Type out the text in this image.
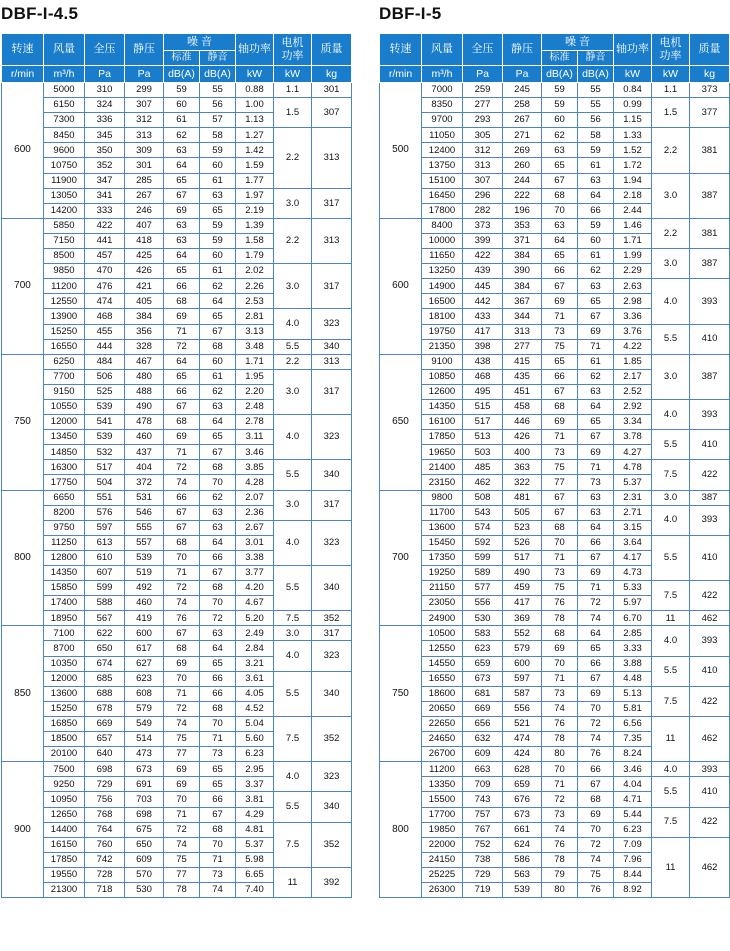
DBF-I-4.5	DBF-I-5
转速	风量	全压	静压	噪 音		轴功率	电机
功率	质量
				标准	静音			
r/min	m³/h	Pa	Pa	dB(A)	dB(A)	kW	kW	kg
600	5000	310	299	59	55	0.88	1.1	301
	6150	324	307	60	56	1.00	1.5	307
	7300	336	312	61	57	1.13		
	8450	345	313	62	58	1.27	2.2	313
	9600	350	309	63	59	1.42		
	10750	352	301	64	60	1.59		
	11900	347	285	65	61	1.77		
	13050	341	267	67	63	1.97	3.0	317
	14200	333	246	69	65	2.19		
700	5850	422	407	63	59	1.39	2.2	313
	7150	441	418	63	59	1.58		
	8500	457	425	64	60	1.79		
	9850	470	426	65	61	2.02	3.0	317
	11200	476	421	66	62	2.26		
	12550	474	405	68	64	2.53		
	13900	468	384	69	65	2.81	4.0	323
	15250	455	356	71	67	3.13		
	16550	444	328	72	68	3.48	5.5	340
750	6250	484	467	64	60	1.71	2.2	313
	7700	506	480	65	61	1.95	3.0	317
	9150	525	488	66	62	2.20		
	10550	539	490	67	63	2.48		
	12000	541	478	68	64	2.78	4.0	323
	13450	539	460	69	65	3.11		
	14850	532	437	71	67	3.46		
	16300	517	404	72	68	3.85	5.5	340
	17750	504	372	74	70	4.28		
800	6650	551	531	66	62	2.07	3.0	317
	8200	576	546	67	63	2.36		
	9750	597	555	67	63	2.67	4.0	323
	11250	613	557	68	64	3.01		
	12800	610	539	70	66	3.38		
	14350	607	519	71	67	3.77	5.5	340
	15850	599	492	72	68	4.20		
	17400	588	460	74	70	4.67		
	18950	567	419	76	72	5.20	7.5	352
850	7100	622	600	67	63	2.49	3.0	317
	8700	650	617	68	64	2.84	4.0	323
	10350	674	627	69	65	3.21		
	12000	685	623	70	66	3.61	5.5	340
	13600	688	608	71	66	4.05		
	15250	678	579	72	68	4.52		
	16850	669	549	74	70	5.04	7.5	352
	18500	657	514	75	71	5.60		
	20100	640	473	77	73	6.23		
900	7500	698	673	69	65	2.95	4.0	323
	9250	729	691	69	65	3.37		
	10950	756	703	70	66	3.81	5.5	340
	12650	768	698	71	67	4.29		
	14400	764	675	72	68	4.81	7.5	352
	16150	760	650	74	70	5.37		
	17850	742	609	75	71	5.98		
	19550	728	570	77	73	6.65	11	392
	21300	718	530	78	74	7.40		
转速	风量	全压	静压	噪 音		轴功率	电机
功率	质量
				标准	静音			
r/min	m³/h	Pa	Pa	dB(A)	dB(A)	kW	kW	kg
500	7000	259	245	59	55	0.84	1.1	373
	8350	277	258	59	55	0.99	1.5	377
	9700	293	267	60	56	1.15		
	11050	305	271	62	58	1.33	2.2	381
	12400	312	269	63	59	1.52		
	13750	313	260	65	61	1.72		
	15100	307	244	67	63	1.94	3.0	387
	16450	296	222	68	64	2.18		
	17800	282	196	70	66	2.44		
600	8400	373	353	63	59	1.46	2.2	381
	10000	399	371	64	60	1.71		
	11650	422	384	65	61	1.99	3.0	387
	13250	439	390	66	62	2.29		
	14900	445	384	67	63	2.63	4.0	393
	16500	442	367	69	65	2.98		
	18100	433	344	71	67	3.36		
	19750	417	313	73	69	3.76	5.5	410
	21350	398	277	75	71	4.22		
650	9100	438	415	65	61	1.85	3.0	387
	10850	468	435	66	62	2.17		
	12600	495	451	67	63	2.52		
	14350	515	458	68	64	2.92	4.0	393
	16100	517	446	69	65	3.34		
	17850	513	426	71	67	3.78	5.5	410
	19650	503	400	73	69	4.27		
	21400	485	363	75	71	4.78	7.5	422
	23150	462	322	77	73	5.37		
700	9800	508	481	67	63	2.31	3.0	387
	11700	543	505	67	63	2.71	4.0	393
	13600	574	523	68	64	3.15		
	15450	592	526	70	66	3.64	5.5	410
	17350	599	517	71	67	4.17		
	19250	589	490	73	69	4.73		
	21150	577	459	75	71	5.33	7.5	422
	23050	556	417	76	72	5.97		
	24900	530	369	78	74	6.70	11	462
750	10500	583	552	68	64	2.85	4.0	393
	12550	623	579	69	65	3.33		
	14550	659	600	70	66	3.88	5.5	410
	16550	673	597	71	67	4.48		
	18600	681	587	73	69	5.13	7.5	422
	20650	669	556	74	70	5.81		
	22650	656	521	76	72	6.56	11	462
	24650	632	474	78	74	7.35		
	26700	609	424	80	76	8.24		
800	11200	663	628	70	66	3.46	4.0	393
	13350	709	659	71	67	4.04	5.5	410
	15500	743	676	72	68	4.71		
	17700	757	673	73	69	5.44	7.5	422
	19850	767	661	74	70	6.23		
	22000	752	624	76	72	7.09	11	462
	24150	738	586	78	74	7.96		
	25225	729	563	79	75	8.44		
	26300	719	539	80	76	8.92		
